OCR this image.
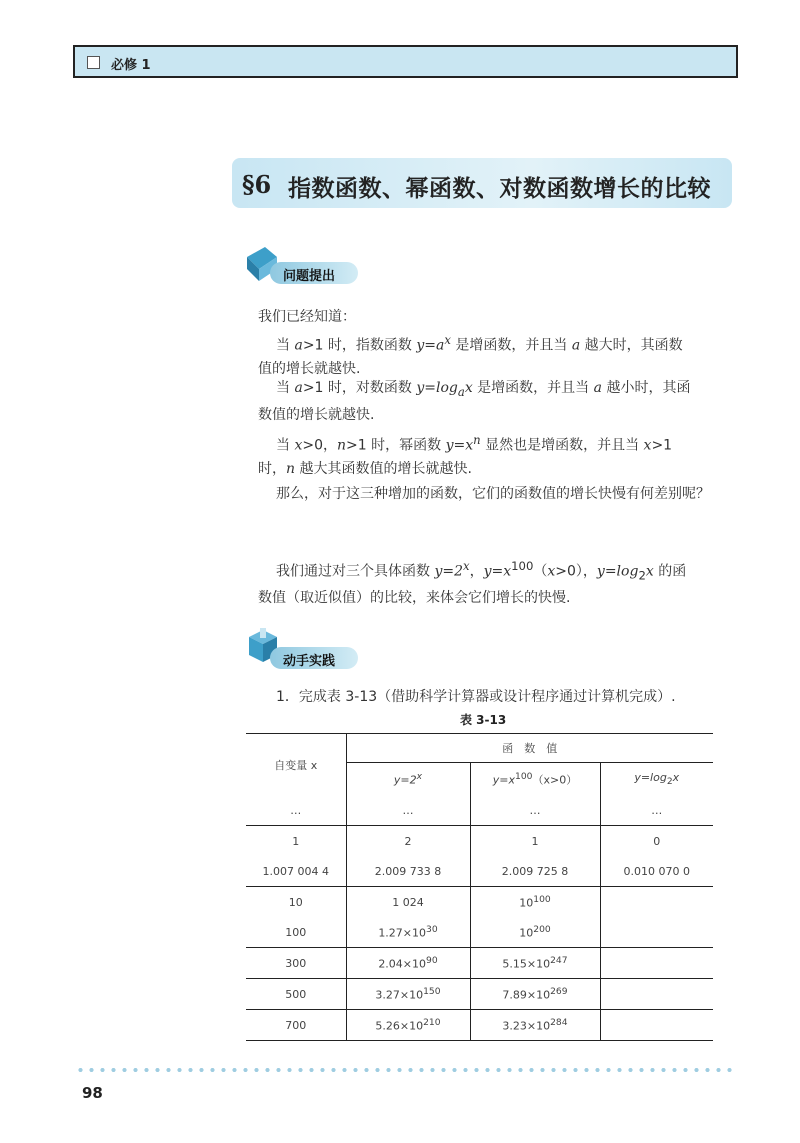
必修 1
§6 指数函数、幂函数、对数函数增长的比较
问题提出
我们已经知道：
当 a>1 时，指数函数 $y=a^x$ 是增函数，并且当 a 越大时，其函数
值的增长就越快.
当 a>1 时，对数函数 $y=\log_ax$ 是增函数，并且当 a 越小时，其函
数值的增长就越快.
当 x>0，n>1 时，幂函数 $y=x^n$ 显然也是增函数，并且当 x>1
时，n 越大其函数值的增长就越快.
那么，对于这三种增加的函数，它们的函数值的增长快慢有何差别呢？
我们通过对三个具体函数 $y=2^x$，$y=x^{100}(x>0)$，$y=\log_2x$ 的函
数值（取近似值）的比较，来体会它们增长的快慢.
动手实践
1．完成表 3-13（借助科学计算器或设计程序通过计算机完成）.
表 3-13
自变量 x	函　数　值		
	$y=2^x$	$y=x^{100}(x>0)$	$y=\log_2x$
…	…	…	…
1	2	1	0
1.007 004 4	2.009 733 8	2.009 725 8	0.010 070 0
10	1 024	$10^{100}$	
100	$1.27\times 10^{30}$	$10^{200}$	
300	$2.04\times 10^{90}$	$5.15\times 10^{247}$	
500	$3.27\times 10^{150}$	$7.89\times 10^{269}$	
700	$5.26\times 10^{210}$	$3.23\times 10^{284}$	
98
